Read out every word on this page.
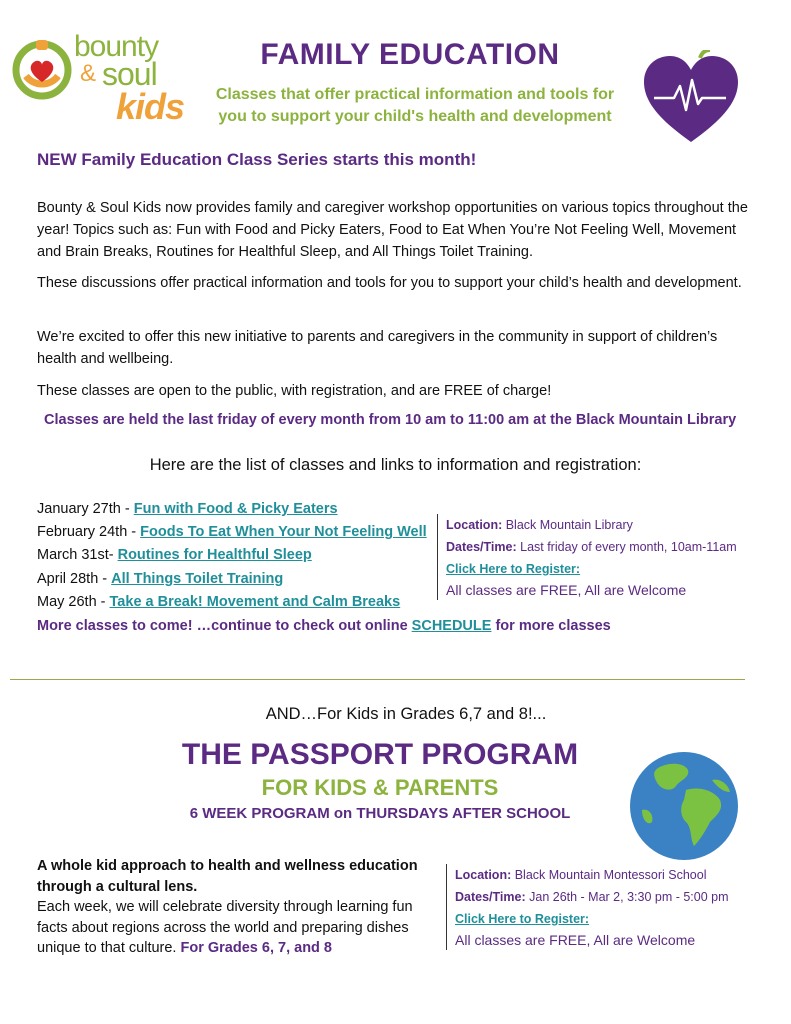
bounty
& soul
kids
FAMILY EDUCATION
Classes that offer practical information and tools for
you to support your child's health and development
NEW Family Education Class Series starts this month!

Bounty & Soul Kids now provides family and caregiver workshop opportunities on various topics throughout the year! Topics such as: Fun with Food and Picky Eaters, Food to Eat When You’re Not Feeling Well, Movement and Brain Breaks, Routines for Healthful Sleep, and All Things Toilet Training.

These discussions offer practical information and tools for you to support your child’s health and development.

We’re excited to offer this new initiative to parents and caregivers in the community in support of children’s health and wellbeing.

These classes are open to the public, with registration, and are FREE of charge!

Classes are held the last friday of every month from 10 am to 11:00 am at the Black Mountain Library
Here are the list of classes and links to information and registration:
January 27th - Fun with Food & Picky Eaters
February 24th - Foods To Eat When Your Not Feeling Well
March 31st- Routines for Healthful Sleep
April 28th - All Things Toilet Training
May 26th - Take a Break! Movement and Calm Breaks
Location: Black Mountain Library
Dates/Time: Last friday of every month, 10am-11am
Click Here to Register:
All classes are FREE, All are Welcome
More classes to come! …continue to check out online SCHEDULE for more classes
AND…For Kids in Grades 6,7 and 8!...
THE PASSPORT PROGRAM
FOR KIDS & PARENTS
6 WEEK PROGRAM on THURSDAYS AFTER SCHOOL
A whole kid approach to health and wellness education through a cultural lens.
Each week, we will celebrate diversity through learning fun facts about regions across the world and preparing dishes unique to that culture. For Grades 6, 7, and 8
Location: Black Mountain Montessori School
Dates/Time: Jan 26th - Mar 2, 3:30 pm - 5:00 pm
Click Here to Register:
All classes are FREE, All are Welcome
